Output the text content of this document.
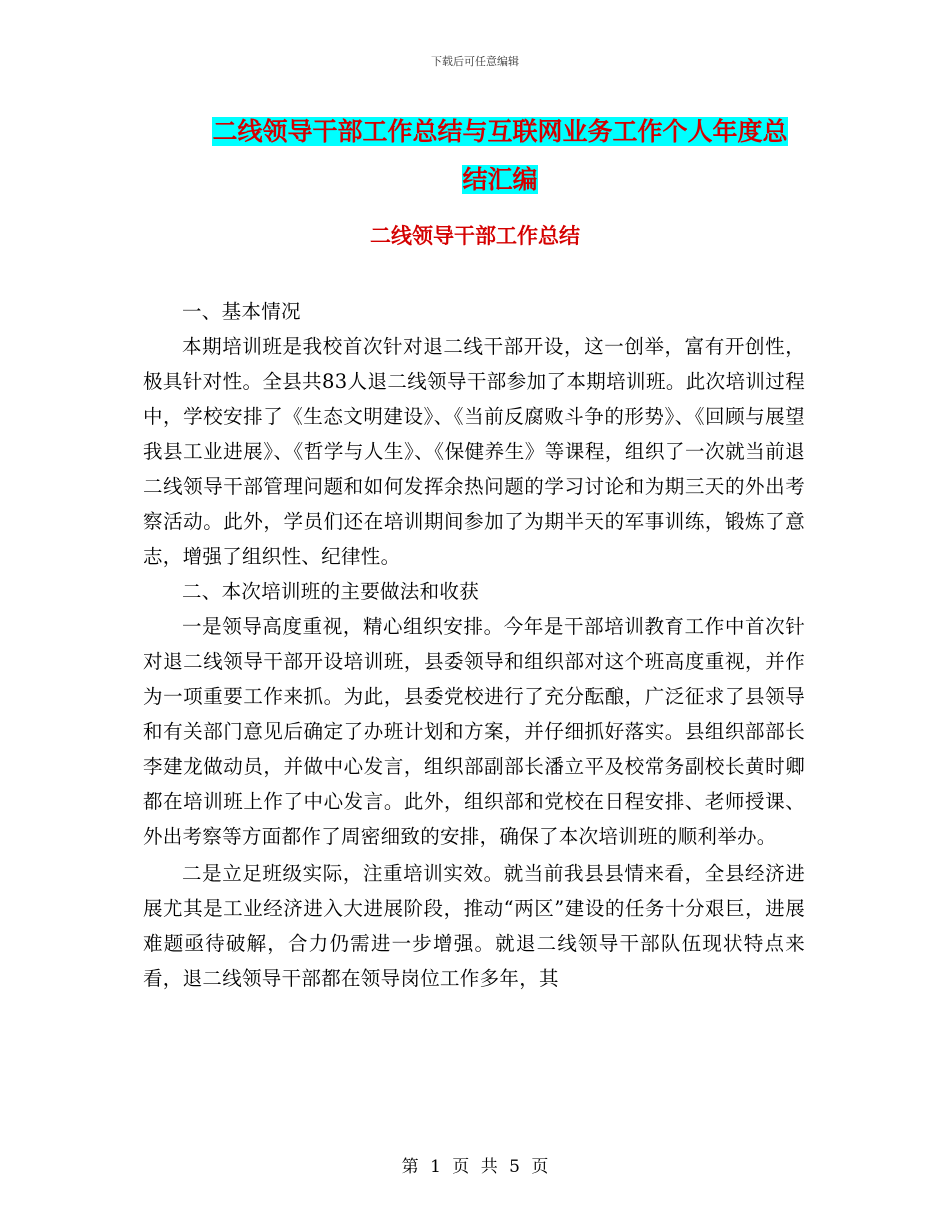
下载后可任意编辑
二线领导干部工作总结与互联网业务工作个人年度总
结汇编
二线领导干部工作总结

一、基本情况

本期培训班是我校首次针对退二线干部开设，这一创举，富有开创性，极具针对性。全县共83人退二线领导干部参加了本期培训班。此次培训过程中，学校安排了《生态文明建设》、《当前反腐败斗争的形势》、《回顾与展望我县工业进展》、《哲学与人生》、《保健养生》等课程，组织了一次就当前退二线领导干部管理问题和如何发挥余热问题的学习讨论和为期三天的外出考察活动。此外，学员们还在培训期间参加了为期半天的军事训练，锻炼了意志，增强了组织性、纪律性。

二、本次培训班的主要做法和收获

一是领导高度重视，精心组织安排。今年是干部培训教育工作中首次针对退二线领导干部开设培训班，县委领导和组织部对这个班高度重视，并作为一项重要工作来抓。为此，县委党校进行了充分酝酿，广泛征求了县领导和有关部门意见后确定了办班计划和方案，并仔细抓好落实。县组织部部长李建龙做动员，并做中心发言，组织部副部长潘立平及校常务副校长黄时卿都在培训班上作了中心发言。此外，组织部和党校在日程安排、老师授课、外出考察等方面都作了周密细致的安排，确保了本次培训班的顺利举办。

二是立足班级实际，注重培训实效。就当前我县县情来看，全县经济进展尤其是工业经济进入大进展阶段，推动“两区”建设的任务十分艰巨，进展难题亟待破解，合力仍需进一步增强。就退二线领导干部队伍现状特点来看，退二线领导干部都在领导岗位工作多年，其

第 1 页 共 5 页
